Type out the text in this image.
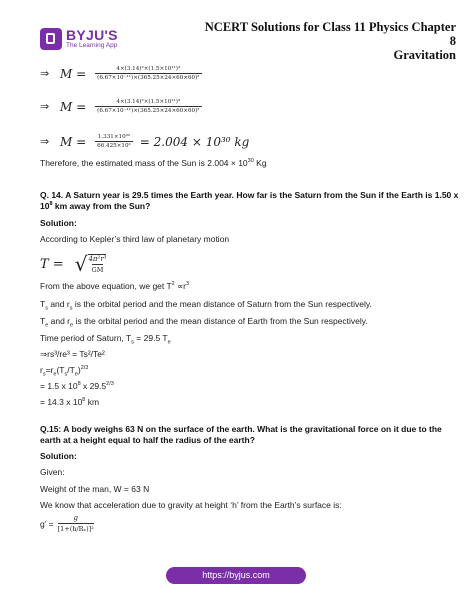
BYJU'S
The Learning App
NCERT Solutions for Class 11 Physics Chapter 8
Gravitation
⇒ $M = \frac{\text{4×(3.14)²×(1.5×10¹¹)³}}{\text{(6.67×10⁻¹¹)×(365.25×24×60×60)²}}$
⇒ $M = \frac{\text{4×(3.14)²×(1.5×10¹¹)³}}{\text{(6.67×10⁻¹¹)×(365.25×24×60×60)²}}$
⇒ $M = \frac{\text{1.331×10³²}}{\text{66.425×10²}} = 2.004 \times 10^{30}$ kg
Therefore, the estimated mass of the Sun is $2.004 \times 10^{30}$ Kg
Q. 14. A Saturn year is 29.5 times the Earth year. How far is the Saturn from the Sun if the Earth is 1.50 x $10^8$ km away from the Sun?
Solution:
According to Kepler’s third law of planetary motion
T = √ $\frac{\text{4π²r³}}{GM}$
From the above equation, we get $T^2 \propto r^3$
$T_s$ and $r_s$ is the orbital period and the mean distance of Saturn from the Sun respectively.
$T_e$ and $r_e$ is the orbital period and the mean distance of Earth from the Sun respectively.
Time period of Saturn, $T_s = 29.5$ $T_e$
⇒rs³/re³ = Ts²/Te²
$r_s=r_e(T_s/T_e)^{2/3}$
= 1.5 x $10^8$ x $29.5^{2/3}$
= 14.3 x $10^8$ km
Q.15: A body weighs 63 N on the surface of the earth. What is the gravitational force on it due to the earth at a height equal to half the radius of the earth?
Solution:
Given:
Weight of the man, W = 63 N
We know that acceleration due to gravity at height ‘h’ from the Earth’s surface is:
g’ = $\frac{g}{\text{[1+(h/Rₑ)]²}}$
https://byjus.com
